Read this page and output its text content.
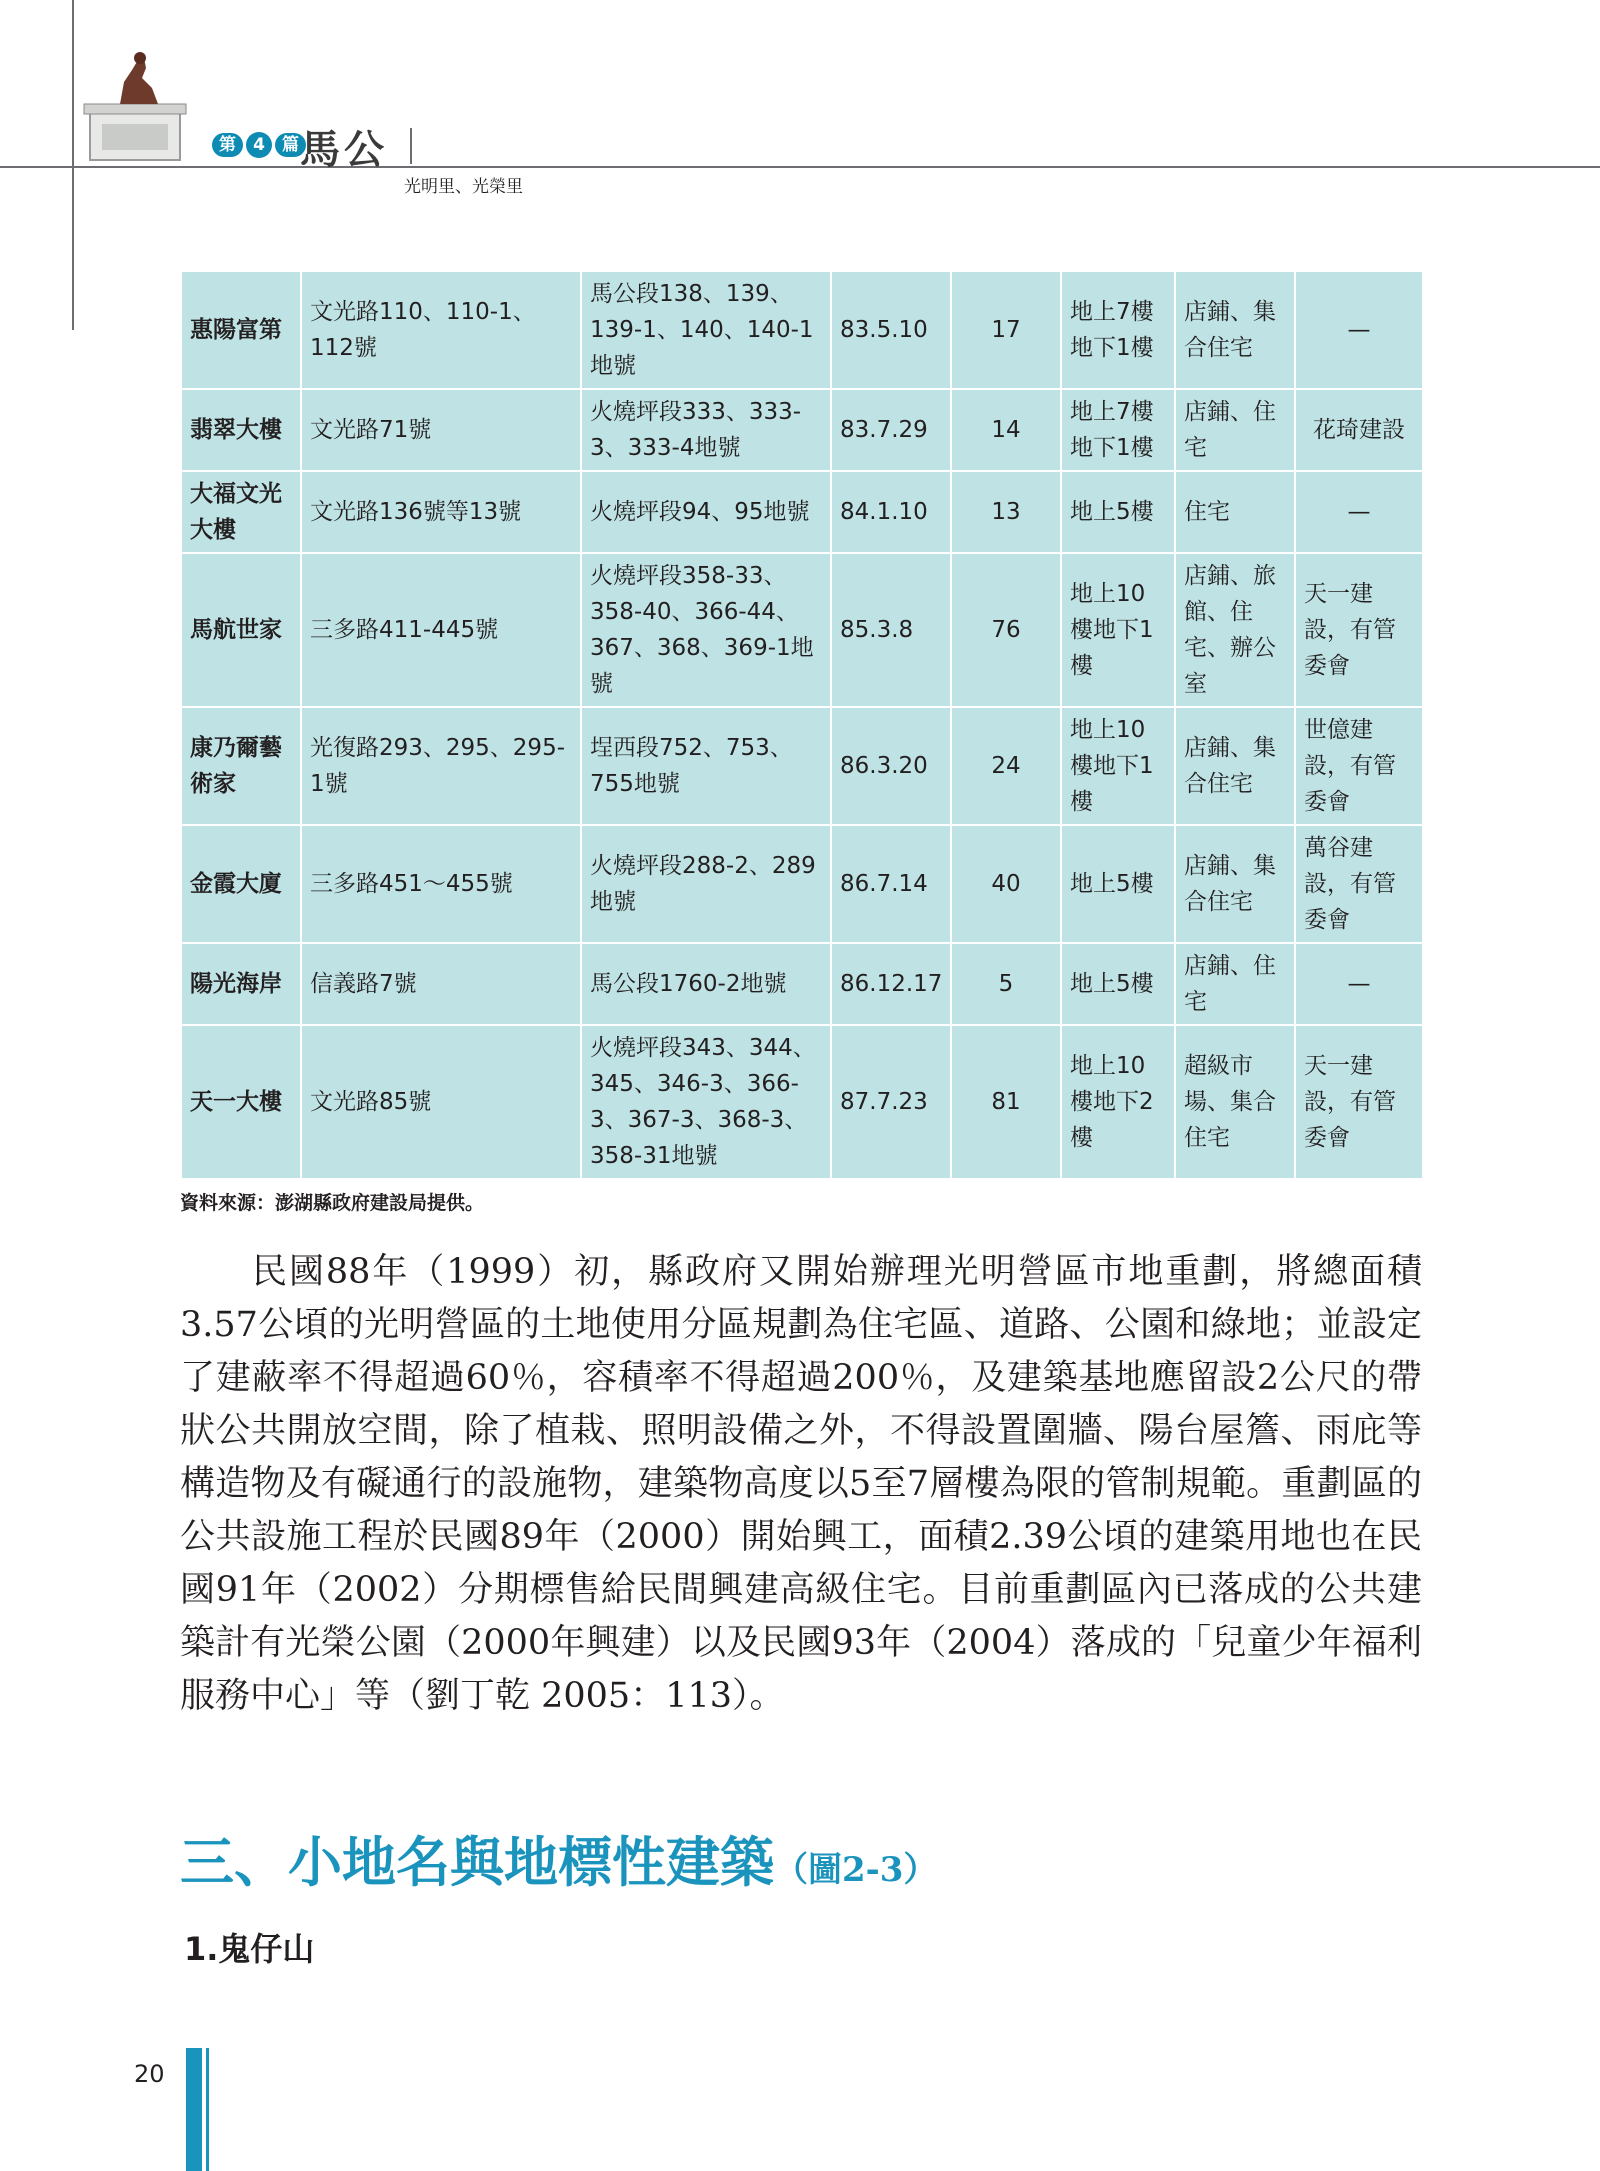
第	4	篇 馬公
光明里、光榮里
惠陽富第	文光路110、110-1、112號	馬公段138、139、139-1、140、140-1地號	83.5.10	17	地上7樓地下1樓	店鋪、集合住宅	—
翡翠大樓	文光路71號	火燒坪段333、333-3、333-4地號	83.7.29	14	地上7樓地下1樓	店鋪、住宅	花琦建設
大福文光大樓	文光路136號等13號	火燒坪段94、95地號	84.1.10	13	地上5樓	住宅	—
馬航世家	三多路411-445號	火燒坪段358-33、358-40、366-44、367、368、369-1地號	85.3.8	76	地上10樓地下1樓	店鋪、旅館、住宅、辦公室	天一建設，有管委會
康乃爾藝術家	光復路293、295、295-1號	埕西段752、753、755地號	86.3.20	24	地上10樓地下1樓	店鋪、集合住宅	世億建設，有管委會
金霞大廈	三多路451～455號	火燒坪段288-2、289地號	86.7.14	40	地上5樓	店鋪、集合住宅	萬谷建設，有管委會
陽光海岸	信義路7號	馬公段1760-2地號	86.12.17	5	地上5樓	店鋪、住宅	—
天一大樓	文光路85號	火燒坪段343、344、345、346-3、366-3、367-3、368-3、358-31地號	87.7.23	81	地上10樓地下2樓	超級市場、集合住宅	天一建設，有管委會
資料來源：澎湖縣政府建設局提供。

民國88年（1999）初，縣政府又開始辦理光明營區市地重劃，將總面積3.57公頃的光明營區的土地使用分區規劃為住宅區、道路、公園和綠地；並設定了建蔽率不得超過60％，容積率不得超過200％，及建築基地應留設2公尺的帶狀公共開放空間，除了植栽、照明設備之外，不得設置圍牆、陽台屋簷、雨庇等構造物及有礙通行的設施物，建築物高度以5至7層樓為限的管制規範。重劃區的公共設施工程於民國89年（2000）開始興工，面積2.39公頃的建築用地也在民國91年（2002）分期標售給民間興建高級住宅。目前重劃區內已落成的公共建築計有光榮公園（2000年興建）以及民國93年（2004）落成的「兒童少年福利服務中心」等（劉丁乾 2005：113）。

三、小地名與地標性建築（圖2-3）
1.鬼仔山
20
